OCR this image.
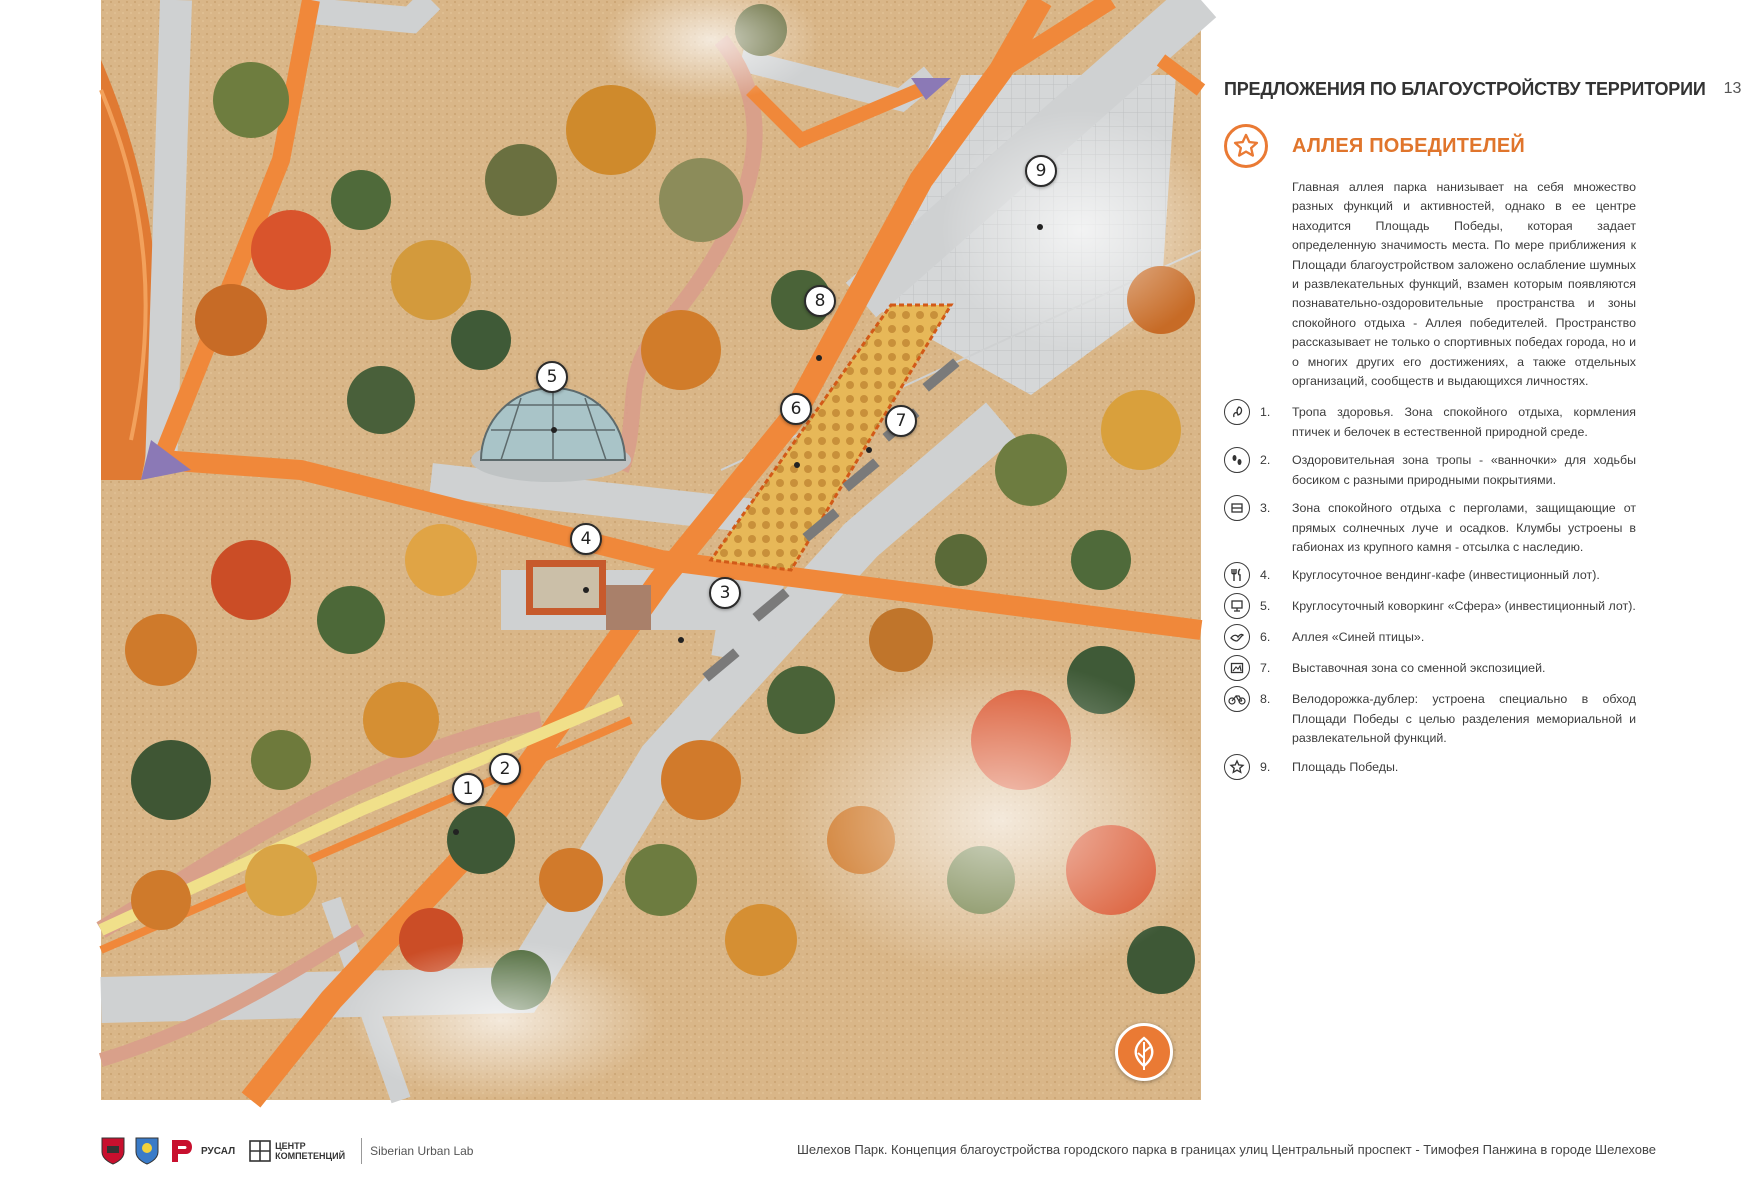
1
2
3
4
5
6
7
8
9
ПРЕДЛОЖЕНИЯ ПО БЛАГОУСТРОЙСТВУ ТЕРРИТОРИИ 13
АЛЛЕЯ ПОБЕДИТЕЛЕЙ

Главная аллея парка нанизывает на себя множество разных функций и активностей, однако в ее центре находится Площадь Победы, которая задает определенную значимость места. По мере приближения к Площади благоустройством заложено ослабление шумных и развлекательных функций, взамен которым появляются познавательно-оздоровительные пространства и зоны спокойного отдыха - Аллея победителей. Пространство рассказывает не только о спортивных победах города, но и о многих других его достижениях, а также отдельных организаций, сообществ и выдающихся личностях.

1.	Тропа здоровья. Зона спокойного отдыха, кормления птичек и белочек в естественной природной среде.
2.	Оздоровительная зона тропы - «ванночки» для ходьбы босиком с разными природными покрытиями.
3.	Зона спокойного отдыха с перголами, защищающие от прямых солнечных луче и осадков. Клумбы устроены в габионах из крупного камня - отсылка с наследию.
4.	Круглосуточное вендинг-кафе (инвестиционный лот).
5.	Круглосуточный коворкинг «Сфера» (инвестиционный лот).
6.	Аллея «Синей птицы».
7.	Выставочная зона со сменной экспозицией.
8.	Велодорожка-дублер: устроена специально в обход Площади Победы с целью разделения мемориальной и развлекательной функций.
9.	Площадь Победы.
РУСАЛ	ЦЕНТР
КОМПЕТЕНЦИЙ Siberian Urban Lab	Шелехов Парк. Концепция благоустройства городского парка в границах улиц Центральный проспект - Тимофея Панжина в городе Шелехове
